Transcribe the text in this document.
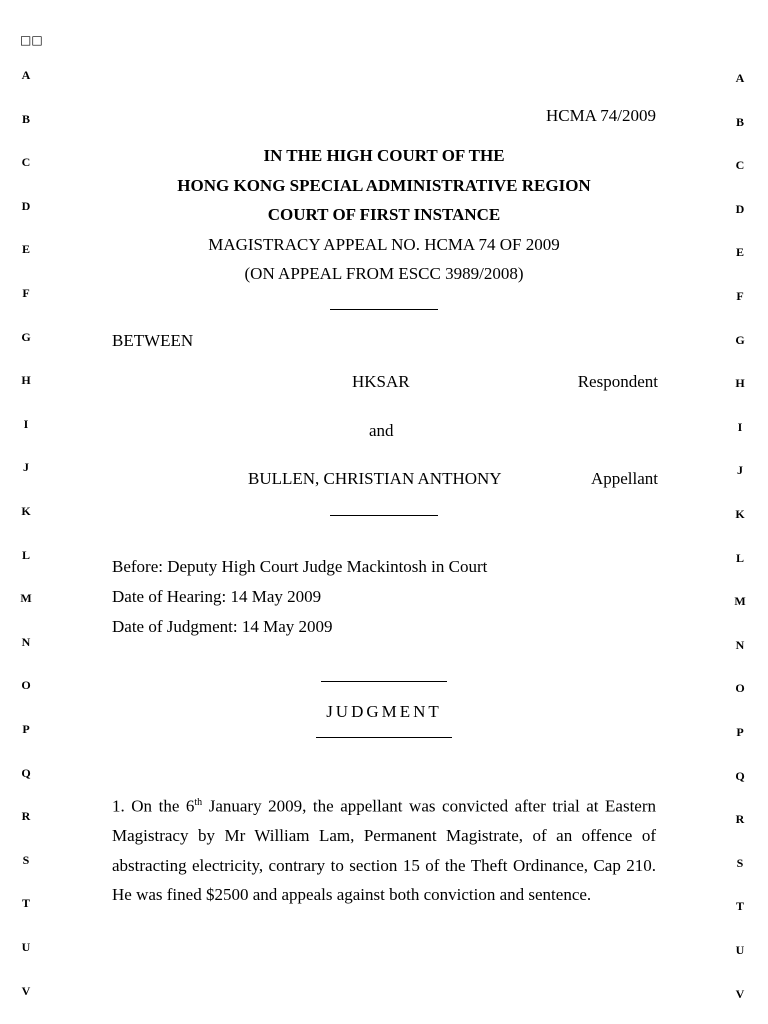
□□
A
B
C
D
E
F
G
H
I
J
K
L
M
N
O
P
Q
R
S
T
U
V
A
B
C
D
E
F
G
H
I
J
K
L
M
N
O
P
Q
R
S
T
U
V
HCMA 74/2009
IN THE HIGH COURT OF THE
HONG KONG SPECIAL ADMINISTRATIVE REGION
COURT OF FIRST INSTANCE
MAGISTRACY APPEAL NO. HCMA 74 OF 2009
(ON APPEAL FROM ESCC 3989/2008)
BETWEEN
HKSAR	Respondent
and
BULLEN, CHRISTIAN ANTHONY	Appellant
Before: Deputy High Court Judge Mackintosh in Court
Date of Hearing: 14 May 2009
Date of Judgment: 14 May 2009
JUDGMENT
1. On the 6th January 2009, the appellant was convicted after trial at Eastern Magistracy by Mr William Lam, Permanent Magistrate, of an offence of abstracting electricity, contrary to section 15 of the Theft Ordinance, Cap 210. He was fined $2500 and appeals against both conviction and sentence.
